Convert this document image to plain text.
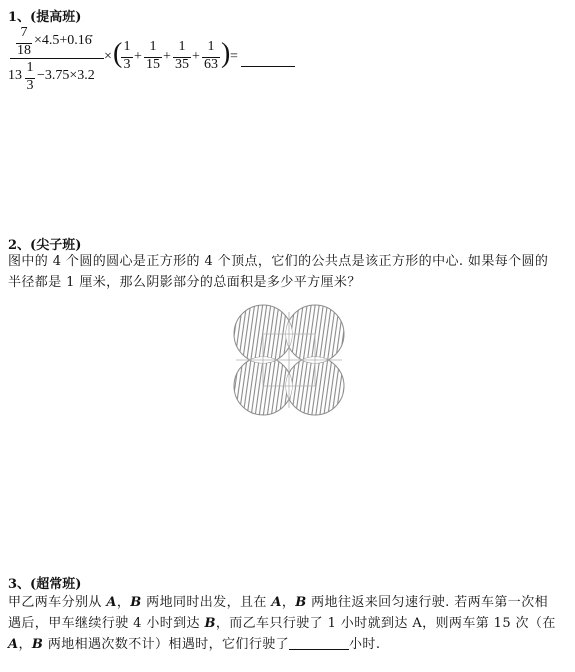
1、(提高班)
7
18
×4.5+0.16̇
13
1
3
−3.75×3.2
× ( 1
3
+
1
15
+
1
35
+
1
63 ) =
2、(尖子班)
图中的 4 个圆的圆心是正方形的 4 个顶点，它们的公共点是该正方形的中心. 如果每个圆的
半径都是 1 厘米，那么阴影部分的总面积是多少平方厘米？
3、(超常班)
甲乙两车分别从 A，B 两地同时出发，且在 A，B 两地往返来回匀速行驶. 若两车第一次相
遇后，甲车继续行驶 4 小时到达 B，而乙车只行驶了 1 小时就到达 A，则两车第 15 次（在
A，B 两地相遇次数不计）相遇时，它们行驶了	小时.
